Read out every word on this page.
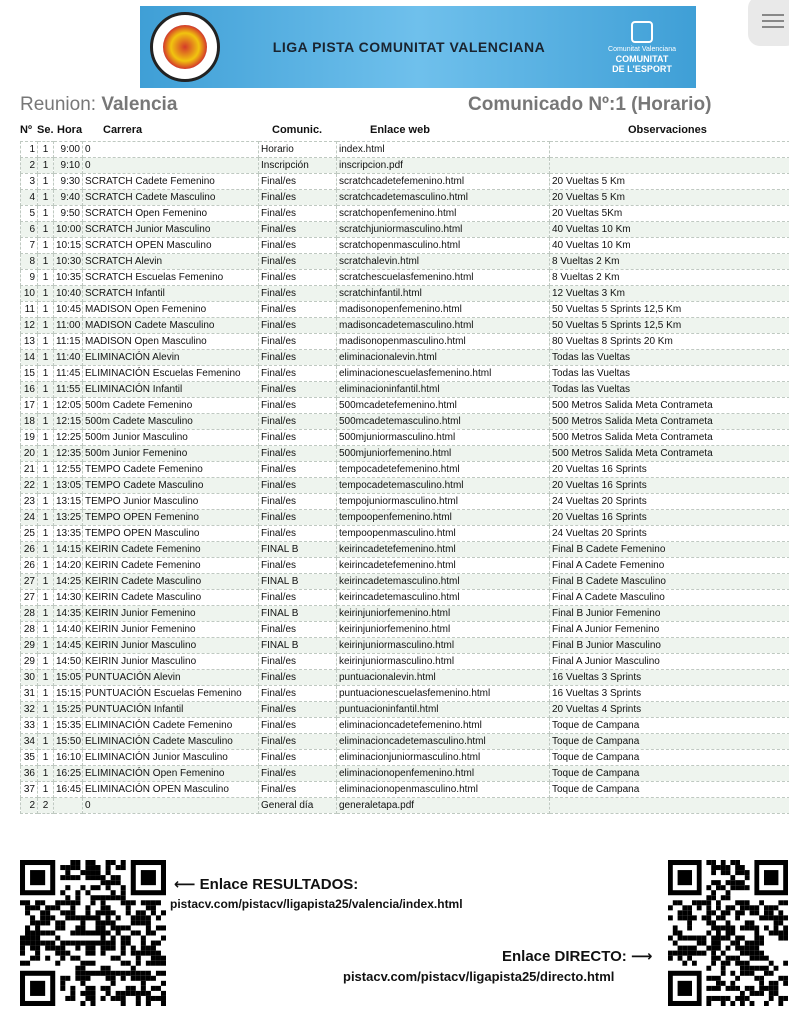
LIGA PISTA COMUNITAT VALENCIANA	Comunitat Valenciana
COMUNITAT
DE L'ESPORT
Reunion: Valencia	Comunicado Nº:1 (Horario)
Nº Se. Hora Carrera	Comunic.	Enlace web	Observaciones
1	1	9:00	0	Horario	index.html	
2	1	9:10	0	Inscripción	inscripcion.pdf	
3	1	9:30	SCRATCH Cadete Femenino	Final/es	scratchcadetefemenino.html	20 Vueltas 5 Km
4	1	9:40	SCRATCH Cadete Masculino	Final/es	scratchcadetemasculino.html	20 Vueltas 5 Km
5	1	9:50	SCRATCH Open Femenino	Final/es	scratchopenfemenino.html	20 Vueltas 5Km
6	1	10:00	SCRATCH Junior Masculino	Final/es	scratchjuniormasculino.html	40 Vueltas 10 Km
7	1	10:15	SCRATCH OPEN Masculino	Final/es	scratchopenmasculino.html	40 Vueltas 10 Km
8	1	10:30	SCRATCH Alevin	Final/es	scratchalevin.html	8 Vueltas 2 Km
9	1	10:35	SCRATCH Escuelas Femenino	Final/es	scratchescuelasfemenino.html	8 Vueltas 2 Km
10	1	10:40	SCRATCH Infantil	Final/es	scratchinfantil.html	12 Vueltas 3 Km
11	1	10:45	MADISON Open Femenino	Final/es	madisonopenfemenino.html	50 Vueltas 5 Sprints 12,5 Km
12	1	11:00	MADISON Cadete Masculino	Final/es	madisoncadetemasculino.html	50 Vueltas 5 Sprints 12,5 Km
13	1	11:15	MADISON Open Masculino	Final/es	madisonopenmasculino.html	80 Vueltas 8 Sprints 20 Km
14	1	11:40	ELIMINACIÓN Alevin	Final/es	eliminacionalevin.html	Todas las Vueltas
15	1	11:45	ELIMINACIÓN Escuelas Femenino	Final/es	eliminacionescuelasfemenino.html	Todas las Vueltas
16	1	11:55	ELIMINACIÓN Infantil	Final/es	eliminacioninfantil.html	Todas las Vueltas
17	1	12:05	500m Cadete Femenino	Final/es	500mcadetefemenino.html	500 Metros Salida Meta Contrameta
18	1	12:15	500m Cadete Masculino	Final/es	500mcadetemasculino.html	500 Metros Salida Meta Contrameta
19	1	12:25	500m Junior Masculino	Final/es	500mjuniormasculino.html	500 Metros Salida Meta Contrameta
20	1	12:35	500m Junior Femenino	Final/es	500mjuniorfemenino.html	500 Metros Salida Meta Contrameta
21	1	12:55	TEMPO Cadete Femenino	Final/es	tempocadetefemenino.html	20 Vueltas 16 Sprints
22	1	13:05	TEMPO Cadete Masculino	Final/es	tempocadetemasculino.html	20 Vueltas 16 Sprints
23	1	13:15	TEMPO Junior Masculino	Final/es	tempojuniormasculino.html	24 Vueltas 20 Sprints
24	1	13:25	TEMPO OPEN Femenino	Final/es	tempoopenfemenino.html	20 Vueltas 16 Sprints
25	1	13:35	TEMPO OPEN Masculino	Final/es	tempoopenmasculino.html	24 Vueltas 20 Sprints
26	1	14:15	KEIRIN Cadete Femenino	FINAL B	keirincadetefemenino.html	Final B Cadete Femenino
26	1	14:20	KEIRIN Cadete Femenino	Final/es	keirincadetefemenino.html	Final A Cadete Femenino
27	1	14:25	KEIRIN Cadete Masculino	FINAL B	keirincadetemasculino.html	Final B Cadete Masculino
27	1	14:30	KEIRIN Cadete Masculino	Final/es	keirincadetemasculino.html	Final A Cadete Masculino
28	1	14:35	KEIRIN Junior Femenino	FINAL B	keirinjuniorfemenino.html	Final B Junior Femenino
28	1	14:40	KEIRIN Junior Femenino	Final/es	keirinjuniorfemenino.html	Final A Junior Femenino
29	1	14:45	KEIRIN Junior Masculino	FINAL B	keirinjuniormasculino.html	Final B Junior Masculino
29	1	14:50	KEIRIN Junior Masculino	Final/es	keirinjuniormasculino.html	Final A Junior Masculino
30	1	15:05	PUNTUACIÓN Alevin	Final/es	puntuacionalevin.html	16 Vueltas 3 Sprints
31	1	15:15	PUNTUACIÓN Escuelas Femenino	Final/es	puntuacionescuelasfemenino.html	16 Vueltas 3 Sprints
32	1	15:25	PUNTUACIÓN Infantil	Final/es	puntuacioninfantil.html	20 Vueltas 4 Sprints
33	1	15:35	ELIMINACIÓN Cadete Femenino	Final/es	eliminacioncadetefemenino.html	Toque de Campana
34	1	15:50	ELIMINACIÓN Cadete Masculino	Final/es	eliminacioncadetemasculino.html	Toque de Campana
35	1	16:10	ELIMINACIÓN Junior Masculino	Final/es	eliminacionjuniormasculino.html	Toque de Campana
36	1	16:25	ELIMINACIÓN Open Femenino	Final/es	eliminacionopenfemenino.html	Toque de Campana
37	1	16:45	ELIMINACIÓN OPEN Masculino	Final/es	eliminacionopenmasculino.html	Toque de Campana
2	2		0	General día	generaletapa.pdf	
⟵ Enlace RESULTADOS:
pistacv.com/pistacv/ligapista25/valencia/index.html
Enlace DIRECTO: ⟶
pistacv.com/pistacv/ligapista25/directo.html
